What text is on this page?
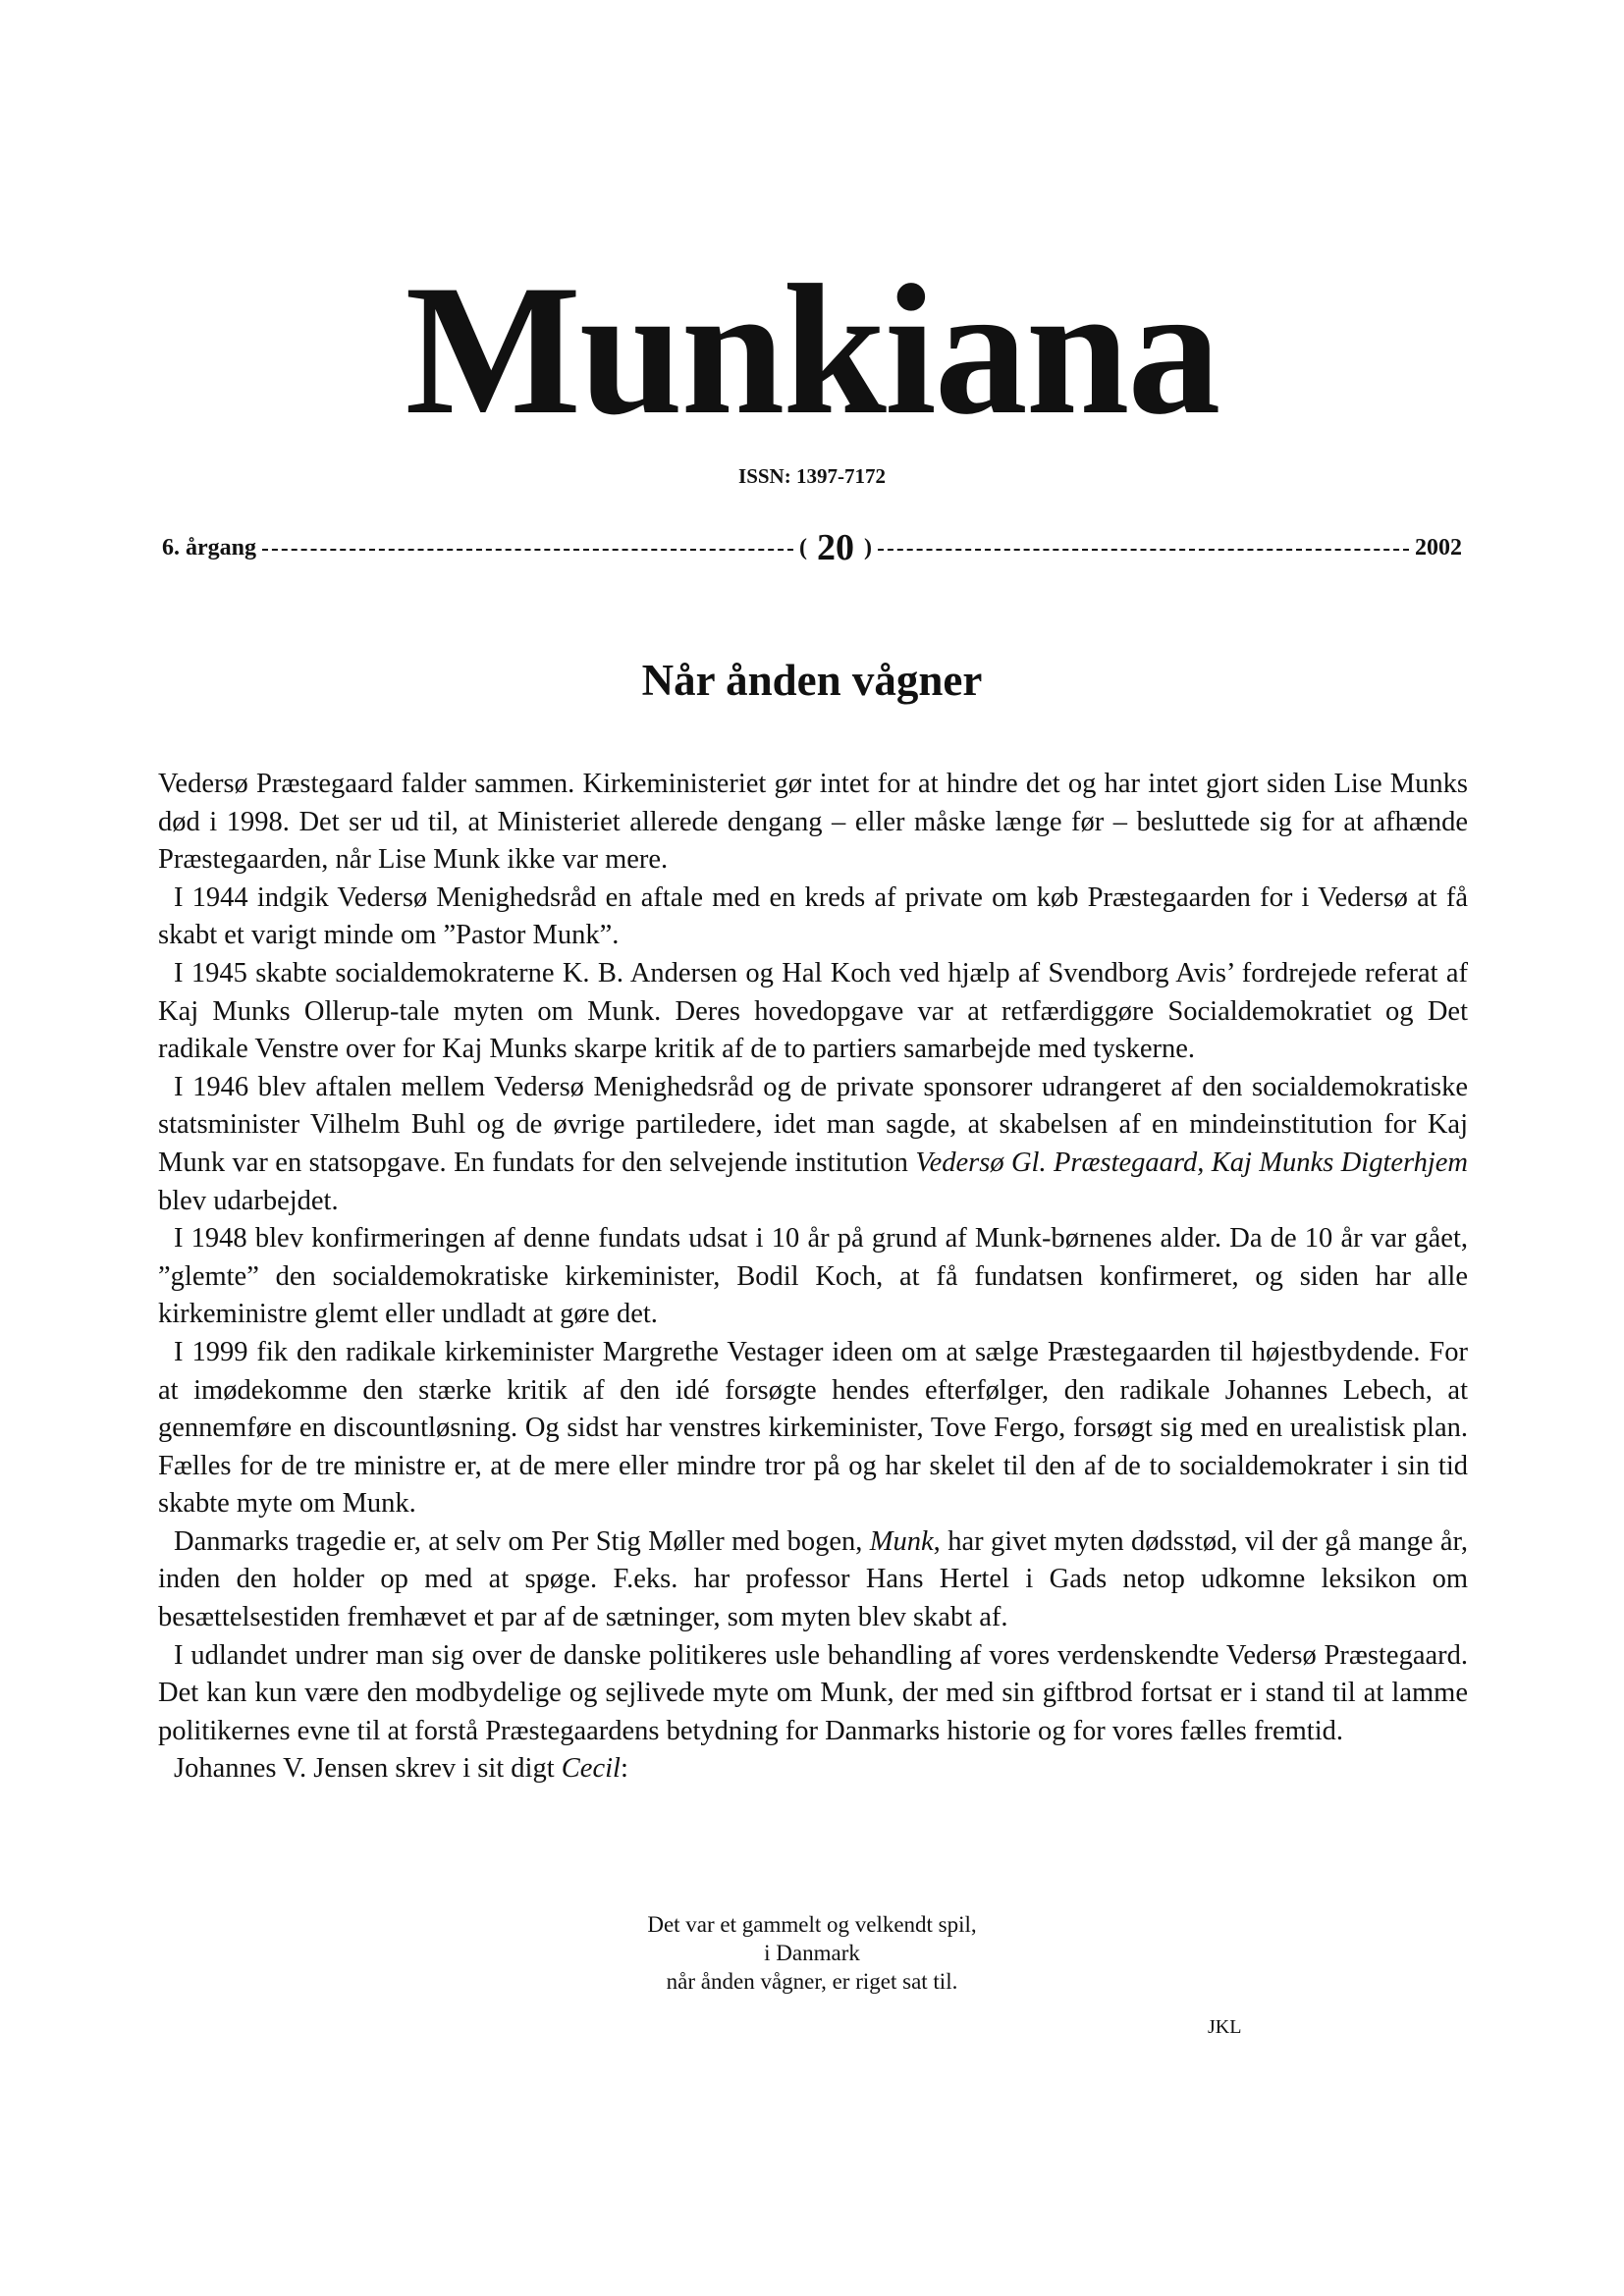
Munkiana
ISSN: 1397-7172
6. årgang	( 20 )	2002
Når ånden vågner

Vedersø Præstegaard falder sammen. Kirkeministeriet gør intet for at hindre det og har intet gjort siden Lise Munks død i 1998. Det ser ud til, at Ministeriet allerede dengang – eller måske længe før – besluttede sig for at afhænde Præstegaarden, når Lise Munk ikke var mere.

I 1944 indgik Vedersø Menighedsråd en aftale med en kreds af private om køb Præstegaarden for i Vedersø at få skabt et varigt minde om ”Pastor Munk”.

I 1945 skabte socialdemokraterne K. B. Andersen og Hal Koch ved hjælp af Svendborg Avis’ fordrejede referat af Kaj Munks Ollerup-tale myten om Munk. Deres hovedopgave var at retfærdiggøre Socialdemokratiet og Det radikale Venstre over for Kaj Munks skarpe kritik af de to partiers samarbejde med tyskerne.

I 1946 blev aftalen mellem Vedersø Menighedsråd og de private sponsorer udrangeret af den socialdemokratiske statsminister Vilhelm Buhl og de øvrige partiledere, idet man sagde, at skabelsen af en mindeinstitution for Kaj Munk var en statsopgave. En fundats for den selvejende institution Vedersø Gl. Præstegaard, Kaj Munks Digterhjem blev udarbejdet.

I 1948 blev konfirmeringen af denne fundats udsat i 10 år på grund af Munk-børnenes alder. Da de 10 år var gået, ”glemte” den socialdemokratiske kirkeminister, Bodil Koch, at få fundatsen konfirmeret, og siden har alle kirkeministre glemt eller undladt at gøre det.

I 1999 fik den radikale kirkeminister Margrethe Vestager ideen om at sælge Præstegaarden til højestbydende. For at imødekomme den stærke kritik af den idé forsøgte hendes efterfølger, den radikale Johannes Lebech, at gennemføre en discountløsning. Og sidst har venstres kirkeminister, Tove Fergo, forsøgt sig med en urealistisk plan. Fælles for de tre ministre er, at de mere eller mindre tror på og har skelet til den af de to socialdemokrater i sin tid skabte myte om Munk.

Danmarks tragedie er, at selv om Per Stig Møller med bogen, Munk, har givet myten dødsstød, vil der gå mange år, inden den holder op med at spøge. F.eks. har professor Hans Hertel i Gads netop udkomne leksikon om besættelsestiden fremhævet et par af de sætninger, som myten blev skabt af.

I udlandet undrer man sig over de danske politikeres usle behandling af vores verdenskendte Vedersø Præstegaard. Det kan kun være den modbydelige og sejlivede myte om Munk, der med sin giftbrod fortsat er i stand til at lamme politikernes evne til at forstå Præstegaardens betydning for Danmarks historie og for vores fælles fremtid.

Johannes V. Jensen skrev i sit digt Cecil:

Det var et gammelt og velkendt spil,
i Danmark
når ånden vågner, er riget sat til.
JKL
